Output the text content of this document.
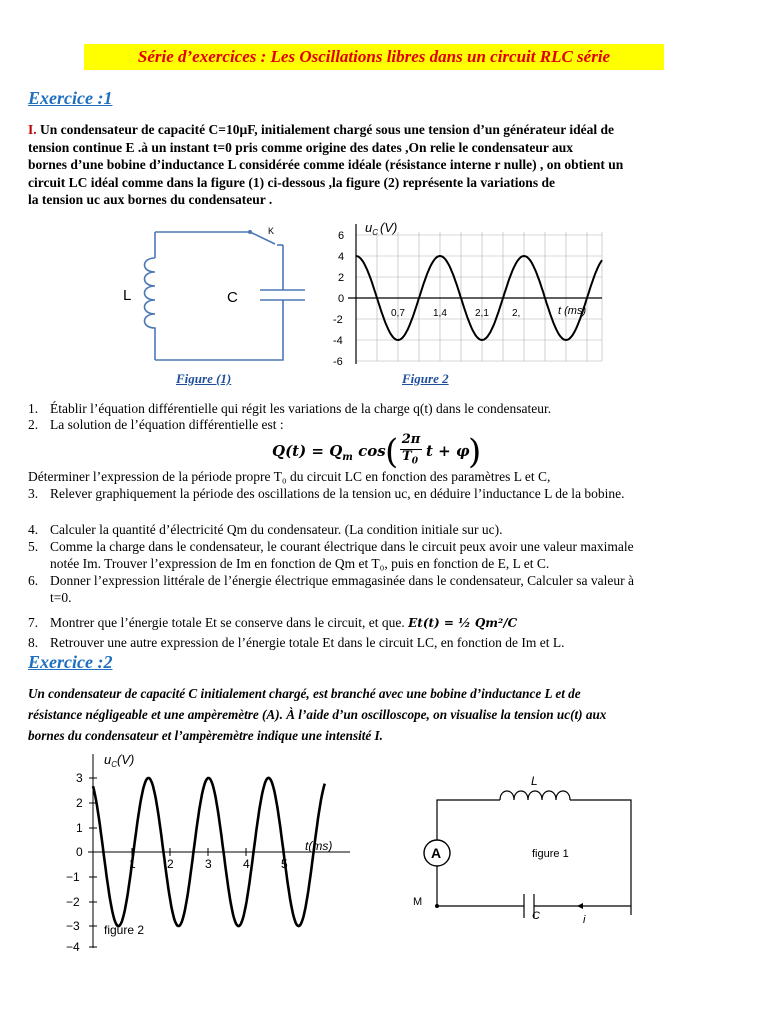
Série d’exercices : Les Oscillations libres dans un circuit RLC série
Exercice :1
I. Un condensateur de capacité C=10µF, initialement chargé sous une tension d’un générateur idéal de
tension continue E .à un instant t=0 pris comme origine des dates ,On relie le condensateur aux
bornes d’une bobine d’inductance L considérée comme idéale (résistance interne r nulle) , on obtient un
circuit LC idéal comme dans la figure (1) ci-dessous ,la figure (2) représente la variations de
la tension uc aux bornes du condensateur .
L	C
K
Figure (1)
6
4
2
0
-2
-4
-6
0,7	1,4	2,1 2,	t (ms)
$u_C$ (V)
Figure 2
1. Établir l’équation différentielle qui régit les variations de la charge q(t) dans le condensateur.
2. La solution de l’équation différentielle est :
$Q(t) = Q_m$ cos ( 2π
$T_0$
t + φ
)
Déterminer l’expression de la période propre T₀ du circuit LC en fonction des paramètres L et C,
3. Relever graphiquement la période des oscillations de la tension uc, en déduire l’inductance L de la bobine.
4. Calculer la quantité d’électricité Qm du condensateur. (La condition initiale sur uc).
5. Comme la charge dans le condensateur, le courant électrique dans le circuit peux avoir une valeur maximale
notée Im. Trouver l’expression de Im en fonction de Qm et T₀, puis en fonction de E, L et C.
6. Donner l’expression littérale de l’énergie électrique emmagasinée dans le condensateur, Calculer sa valeur à
t=0.
7. Montrer que l’énergie totale Et se conserve dans le circuit, et que. Et(t) = ½ Qm²/C
8. Retrouver une autre expression de l’énergie totale Et dans le circuit LC, en fonction de Im et L.
Exercice :2
Un condensateur de capacité C initialement chargé, est branché avec une bobine d’inductance L et de
résistance négligeable et une ampèremètre (A). À l’aide d’un oscilloscope, on visualise la tension uc(t) aux
bornes du condensateur et l’ampèremètre indique une intensité I.
3
2
1
0
−1
−2
−3
−4
1	2	3	4	5
t(ms)
$u_C(V)$
figure 2
A
L
figure 1
M
C	i
